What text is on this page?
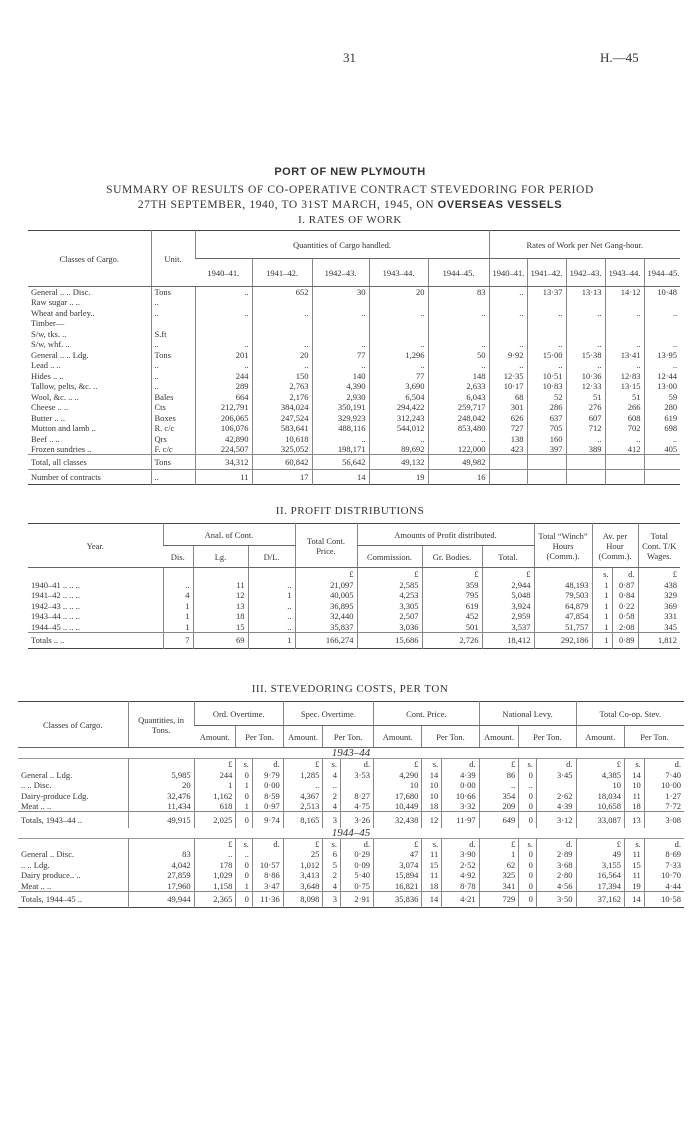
31	H.—45
PORT OF NEW PLYMOUTH
SUMMARY OF RESULTS OF CO-OPERATIVE CONTRACT STEVEDORING FOR PERIOD
27TH SEPTEMBER, 1940, TO 31ST MARCH, 1945, ON OVERSEAS VESSELS
I. RATES OF WORK
Classes of Cargo.	Unit.	Quantities of Cargo handled.					Rates of Work per Net Gang-hour.				
		1940–41.	1941–42.	1942–43.	1943–44.	1944–45.	1940–41.	1941–42.	1942–43.	1943–44.	1944–45.
General .. .. Disc.	Tons	..	652	30	20	83	..	13·37	13·13	14·12	10·48
Raw sugar .. ..	..										
Wheat and barley..	..	..	..	..	..	..	..	..	..	..	..
Timber—											
S/w, tks. ..	S.ft										
S/w, whf. ..	..	..	..	..	..	..	..	..	..	..	..
General .. .. Ldg.	Tons	201	20	77	1,296	50	9·92	15·00	15·38	13·41	13·95
Lead .. ..	..	..	..	..	..	..	..	..	..	..	..
Hides .. ..	..	244	150	140	77	148	12·35	10·51	10·36	12·83	12·44
Tallow, pelts, &c. ..	..	289	2,763	4,390	3,690	2,633	10·17	10·83	12·33	13·15	13·00
Wool, &c. .. ..	Bales	664	2,176	2,930	6,504	6,043	68	52	51	51	59
Cheese .. ..	Cts	212,791	384,024	350,191	294,422	259,717	301	286	276	266	280
Butter .. ..	Boxes	206,065	247,524	329,923	312,243	248,042	626	637	607	608	619
Mutton and lamb ..	R. c/c	106,076	583,641	488,116	544,012	853,480	727	705	712	702	698
Beef .. ..	Qrs	42,890	10,618	..	..	..	138	160	..	..	..
Frozen sundries ..	F. c/c	224,507	325,052	198,171	89,692	122,000	423	397	389	412	405
Total, all classes	Tons	34,312	60,842	56,642	49,132	49,982					
Number of contracts	..	11	17	14	19	16					
II. PROFIT DISTRIBUTIONS
Year.	Anal. of Cont.			Total Cont. Price.	Amounts of Profit distributed.			Total “Winch” Hours (Comm.).	Av. per Hour (Comm.).		Total Cont. T/K Wages.
	Dis.	Lg.	D/L.		Commission.	Gr. Bodies.	Total.				
				£	£	£	£		s.	d.	£
1940–41 .. .. ..	..	11	..	21,097	2,585	359	2,944	48,193	1	0·87	438
1941–42 .. .. ..	4	12	1	40,005	4,253	795	5,048	79,503	1	0·84	329
1942–43 .. .. ..	1	13	..	36,895	3,305	619	3,924	64,879	1	0·22	369
1943–44 .. .. ..	1	18	..	32,440	2,507	452	2,959	47,854	1	0·58	331
1944–45 .. .. ..	1	15	..	35,837	3,036	501	3,537	51,757	1	2·08	345
Totals .. ..	7	69	1	166,274	15,686	2,726	18,412	292,186	1	0·89	1,812
III. STEVEDORING COSTS, PER TON
Classes of Cargo.	Quantities, in Tons.	Ord. Overtime.			Spec. Overtime.			Cont. Price.			National Levy.			Total Co-op. Stev.		
		Amount.	Per Ton.		Amount.	Per Ton.		Amount.	Per Ton.		Amount.	Per Ton.		Amount.	Per Ton.	
1943–44																
		£	s.	d.	£	s.	d.	£	s.	d.	£	s.	d.	£	s.	d.
General .. Ldg.	5,985	244	0	9·79	1,285	4	3·53	4,290	14	4·39	86	0	3·45	4,385	14	7·40
.. .. Disc.	20	1	1	0·00	..	..		10	10	0·00	..	..		10	10	10·00
Dairy-produce Ldg.	32,476	1,162	0	8·59	4,367	2	8·27	17,680	10	10·66	354	0	2·62	18,034	11	1·27
Meat .. ..	11,434	618	1	0·97	2,513	4	4·75	10,449	18	3·32	209	0	4·39	10,658	18	7·72
Totals, 1943–44 ..	49,915	2,025	0	9·74	8,165	3	3·26	32,438	12	11·97	649	0	3·12	33,087	13	3·08
1944–45																
		£	s.	d.	£	s.	d.	£	s.	d.	£	s.	d.	£	s.	d.
General .. Disc.	83	..	..		25	6	0·29	47	11	3·90	1	0	2·89	49	11	8·69
.. .. Ldg.	4,042	178	0	10·57	1,012	5	0·09	3,074	15	2·52	62	0	3·68	3,155	15	7·33
Dairy produce.. ..	27,859	1,029	0	8·86	3,413	2	5·40	15,894	11	4·92	325	0	2·80	16,564	11	10·70
Meat .. ..	17,960	1,158	1	3·47	3,648	4	0·75	16,821	18	8·78	341	0	4·56	17,394	19	4·44
Totals, 1944–45 ..	49,944	2,365	0	11·36	8,098	3	2·91	35,836	14	4·21	729	0	3·50	37,162	14	10·58
